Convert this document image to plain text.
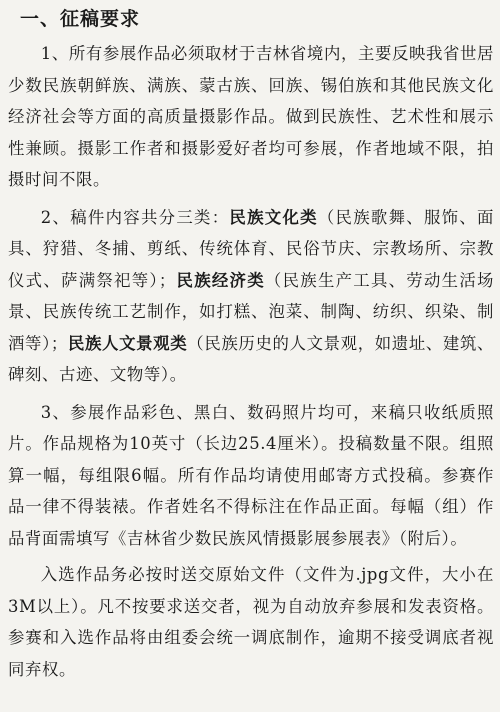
一、征稿要求

1、所有参展作品必须取材于吉林省境内，主要反映我省世居少数民族朝鲜族、满族、蒙古族、回族、锡伯族和其他民族文化经济社会等方面的高质量摄影作品。做到民族性、艺术性和展示性兼顾。摄影工作者和摄影爱好者均可参展，作者地域不限，拍摄时间不限。

2、稿件内容共分三类：民族文化类（民族歌舞、服饰、面具、狩猎、冬捕、剪纸、传统体育、民俗节庆、宗教场所、宗教仪式、萨满祭祀等）；民族经济类（民族生产工具、劳动生活场景、民族传统工艺制作，如打糕、泡菜、制陶、纺织、织染、制酒等）；民族人文景观类（民族历史的人文景观，如遗址、建筑、碑刻、古迹、文物等）。

3、参展作品彩色、黑白、数码照片均可，来稿只收纸质照片。作品规格为10英寸（长边25.4厘米）。投稿数量不限。组照算一幅，每组限6幅。所有作品均请使用邮寄方式投稿。参赛作品一律不得装裱。作者姓名不得标注在作品正面。每幅（组）作品背面需填写《吉林省少数民族风情摄影展参展表》（附后）。

入选作品务必按时送交原始文件（文件为.jpg文件，大小在3M以上）。凡不按要求送交者，视为自动放弃参展和发表资格。参赛和入选作品将由组委会统一调底制作，逾期不接受调底者视同弃权。
